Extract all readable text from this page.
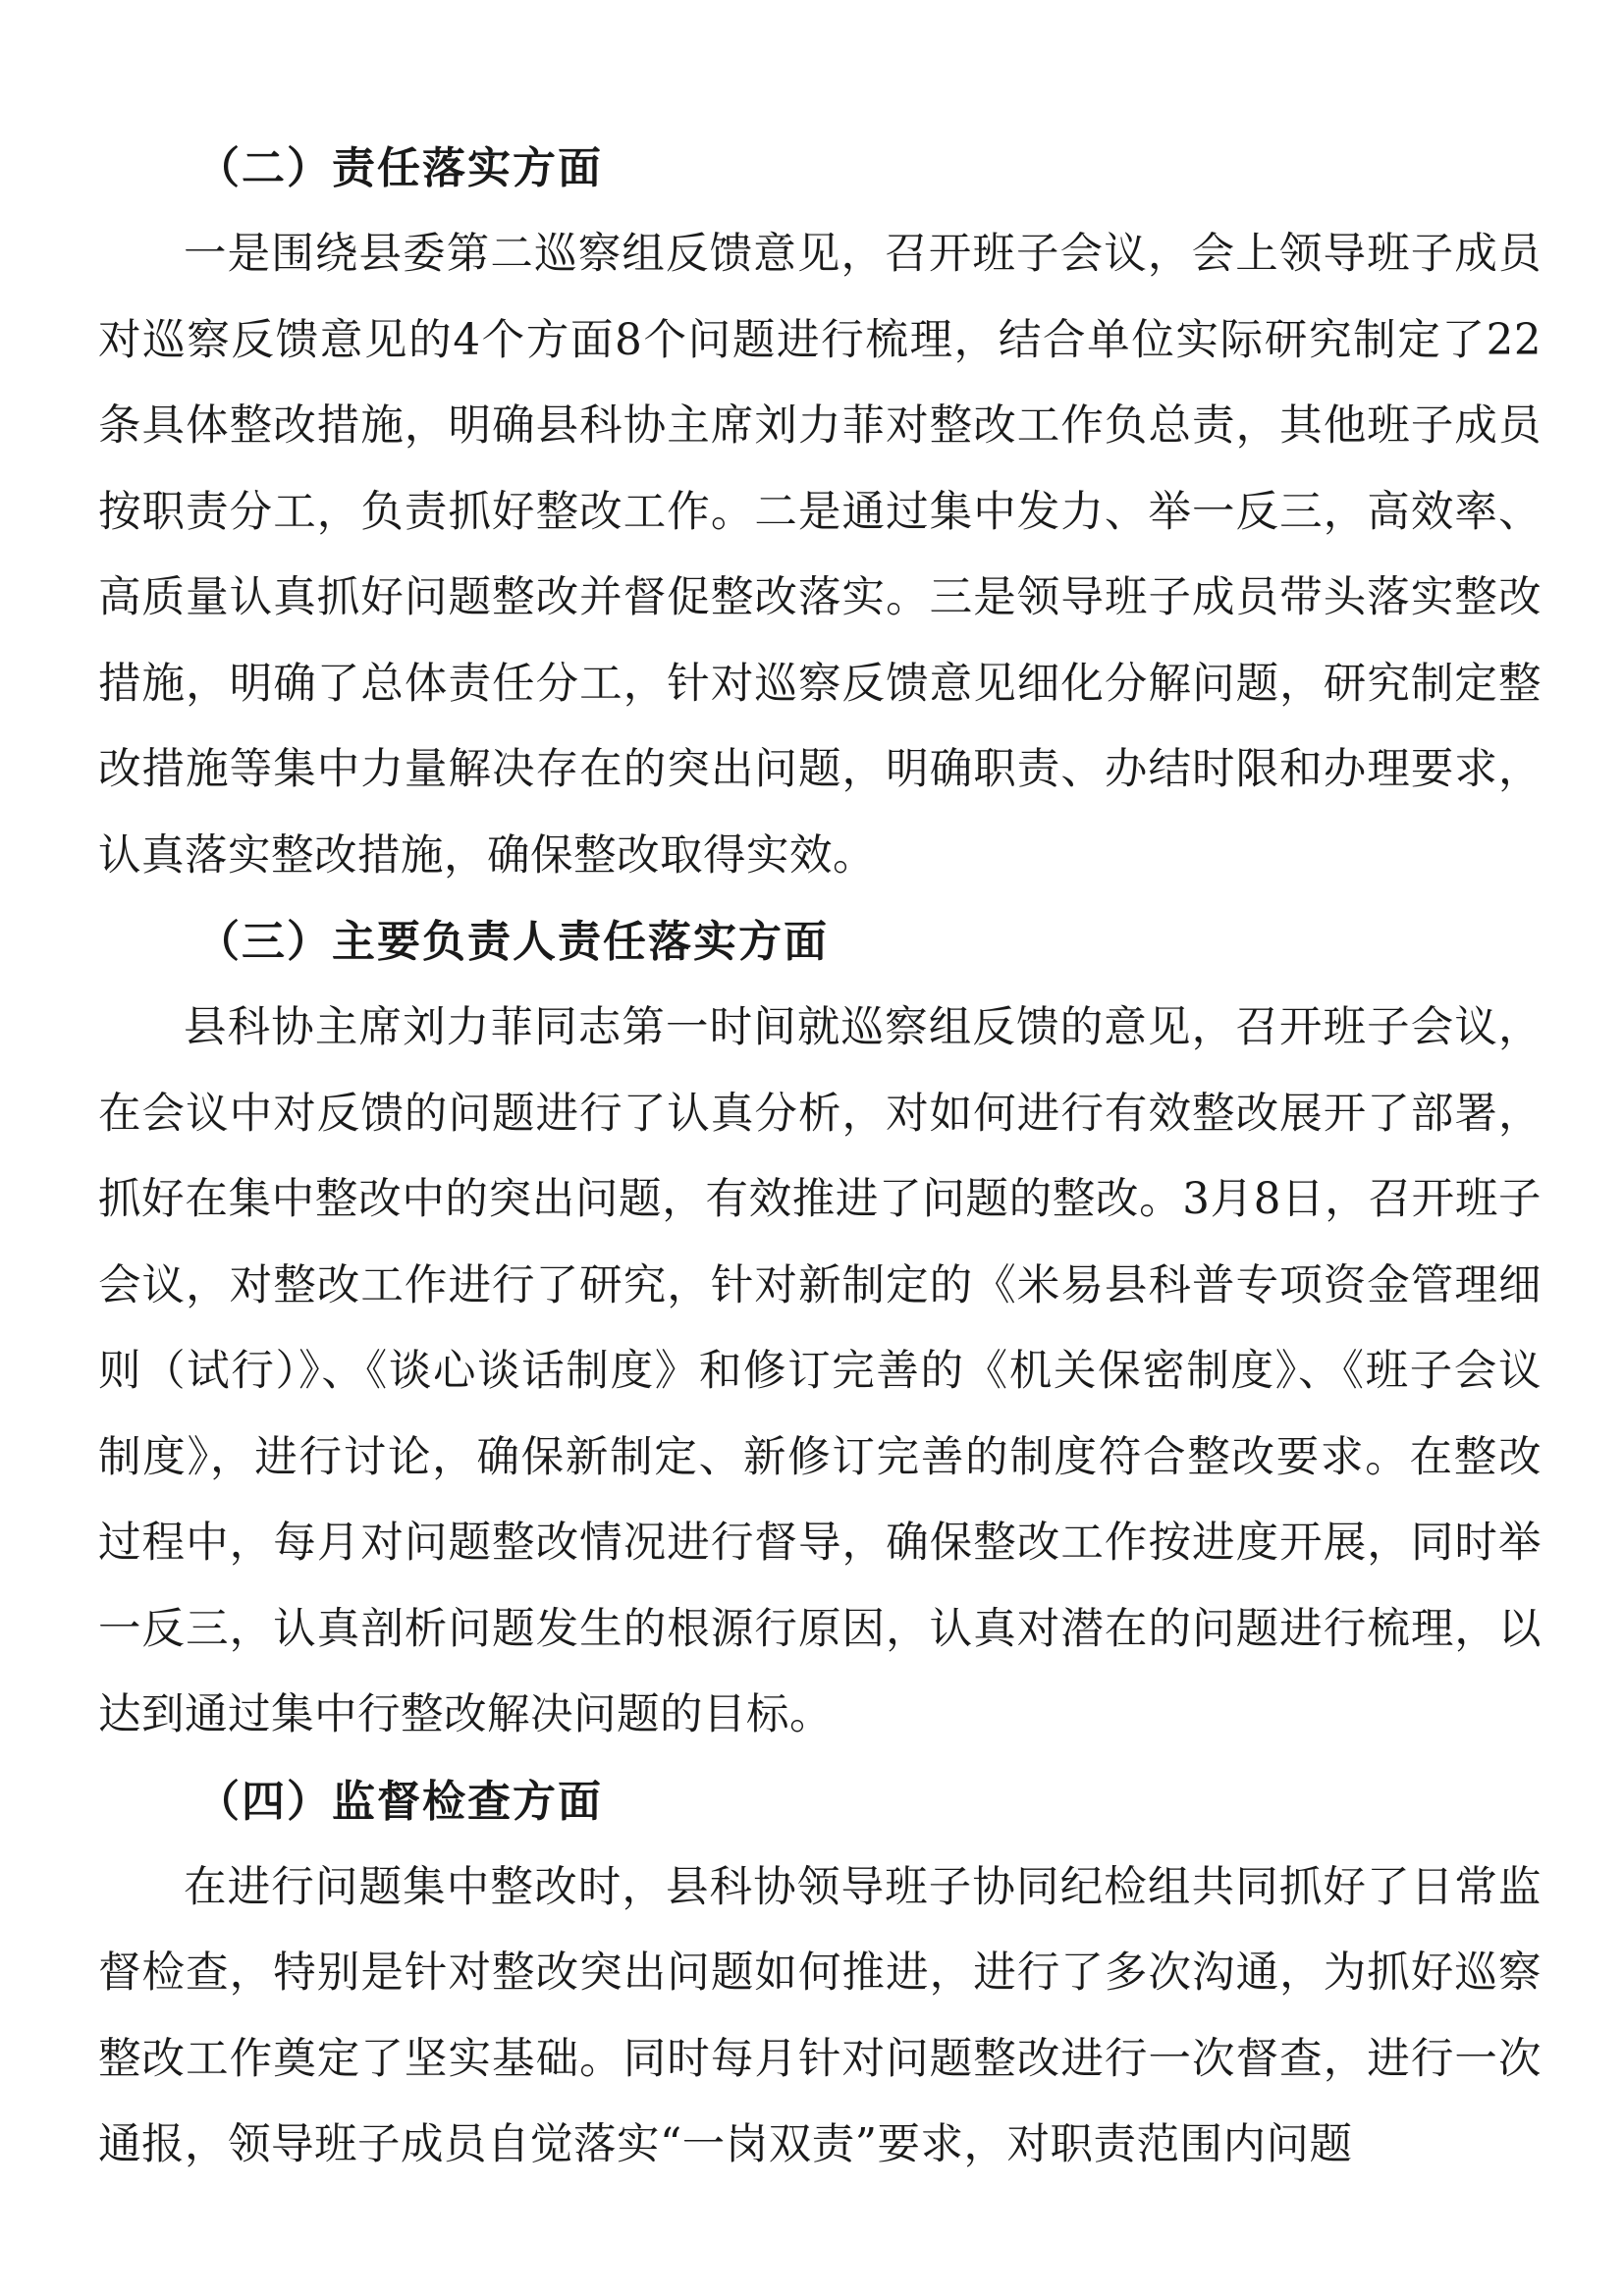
（二）责任落实方面

一是围绕县委第二巡察组反馈意见，召开班子会议，会上领导班子成员对巡察反馈意见的4个方面8个问题进行梳理，结合单位实际研究制定了22条具体整改措施，明确县科协主席刘力菲对整改工作负总责，其他班子成员按职责分工，负责抓好整改工作。二是通过集中发力、举一反三，高效率、高质量认真抓好问题整改并督促整改落实。三是领导班子成员带头落实整改措施，明确了总体责任分工，针对巡察反馈意见细化分解问题，研究制定整改措施等集中力量解决存在的突出问题，明确职责、办结时限和办理要求，认真落实整改措施，确保整改取得实效。

（三）主要负责人责任落实方面

县科协主席刘力菲同志第一时间就巡察组反馈的意见，召开班子会议，在会议中对反馈的问题进行了认真分析，对如何进行有效整改展开了部署，抓好在集中整改中的突出问题，有效推进了问题的整改。3月8日，召开班子会议，对整改工作进行了研究，针对新制定的《米易县科普专项资金管理细则（试行）》、《谈心谈话制度》和修订完善的《机关保密制度》、《班子会议制度》，进行讨论，确保新制定、新修订完善的制度符合整改要求。在整改过程中，每月对问题整改情况进行督导，确保整改工作按进度开展，同时举一反三，认真剖析问题发生的根源行原因，认真对潜在的问题进行梳理，以达到通过集中行整改解决问题的目标。

（四）监督检查方面

在进行问题集中整改时，县科协领导班子协同纪检组共同抓好了日常监督检查，特别是针对整改突出问题如何推进，进行了多次沟通，为抓好巡察整改工作奠定了坚实基础。同时每月针对问题整改进行一次督查，进行一次通报，领导班子成员自觉落实“一岗双责”要求，对职责范围内问题
